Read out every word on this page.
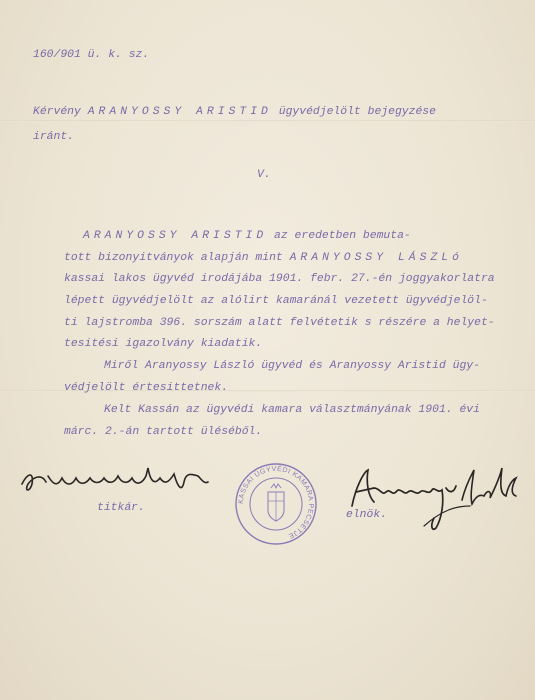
160/901 ü. k. sz.
Kérvény ARANYOSSY ARISTID ügyvédjelölt bejegyzése
iránt.
V.
ARANYOSSY ARISTID az eredetben bemuta-
tott bizonyitványok alapján mint ARANYOSSY LÁSZLó
kassai lakos ügyvéd irodájába 1901. febr. 27.-én joggyakorlatra
lépett ügyvédjelölt az alólirt kamaránál vezetett ügyvédjelöl-
ti lajstromba 396. sorszám alatt felvétetik s részére a helyet-
tesitési igazolvány kiadatik.
Miről Aranyossy László ügyvéd és Aranyossy Aristid ügy-
védjelölt értesittetnek.
Kelt Kassán az ügyvédi kamara választmányának 1901. évi
márc. 2.-án tartott üléséből.
titkár.
KASSAI ÜGYVÉDI KAMARA PECSÉTJE
elnök.
